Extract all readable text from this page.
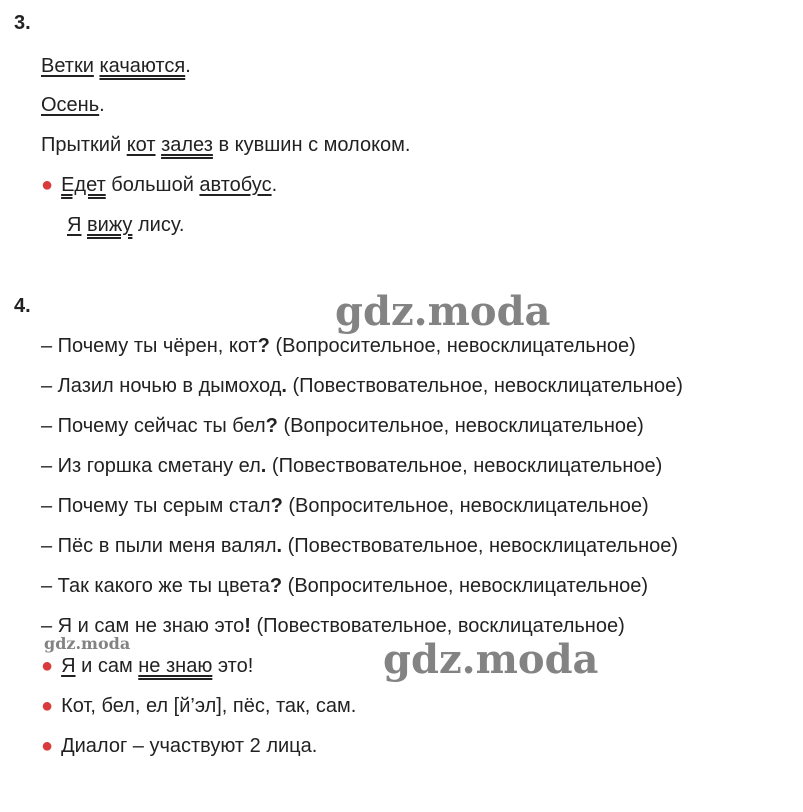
3.
Ветки качаются.
Осень.
Прыткий кот залез в кувшин с молоком.
● Едет большой автобус.
Я вижу лису.
4.
– Почему ты чёрен, кот? (Вопросительное, невосклицательное)
– Лазил ночью в дымоход. (Повествовательное, невосклицательное)
– Почему сейчас ты бел? (Вопросительное, невосклицательное)
– Из горшка сметану ел. (Повествовательное, невосклицательное)
– Почему ты серым стал? (Вопросительное, невосклицательное)
– Пёс в пыли меня валял. (Повествовательное, невосклицательное)
– Так какого же ты цвета? (Вопросительное, невосклицательное)
– Я и сам не знаю это! (Повествовательное, восклицательное)
● Я и сам не знаю это!
● Кот, бел, ел [й’эл], пёс, так, сам.
● Диалог – участвуют 2 лица.
gdz.moda
gdz.moda
gdz.moda
